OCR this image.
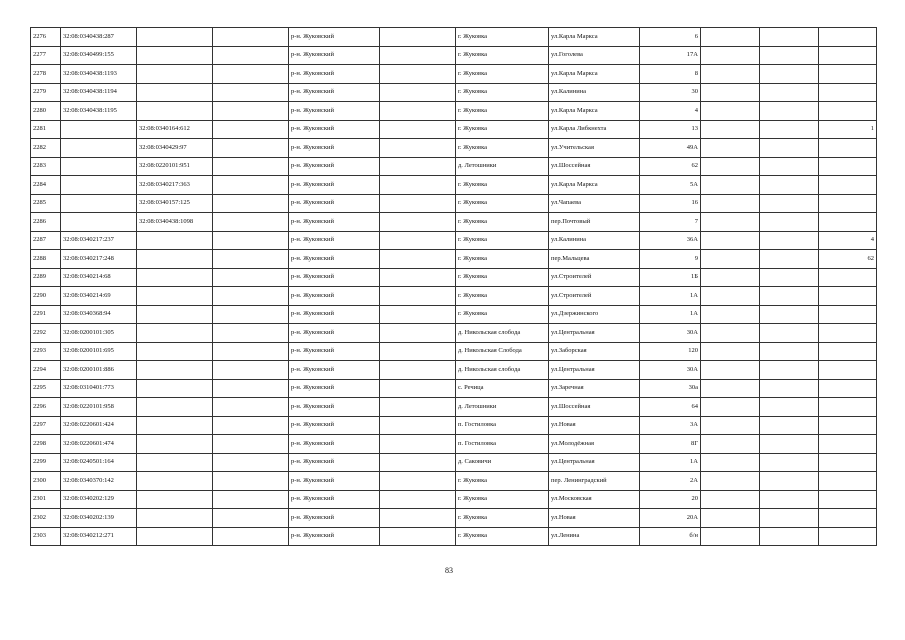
2276	32:08:0340438:287			р-н. Жуковский		г. Жуковка	ул.Карла Маркса	6			
2277	32:08:0340499:155			р-н. Жуковский		г. Жуковка	ул.Гоголева	17А			
2278	32:08:0340438:1193			р-н. Жуковский		г. Жуковка	ул.Карла Маркса	8			
2279	32:08:0340438:1194			р-н. Жуковский		г. Жуковка	ул.Калинина	30			
2280	32:08:0340438:1195			р-н. Жуковский		г. Жуковка	ул.Карла Маркса	4			
2281		32:08:0340164:612		р-н. Жуковский		г. Жуковка	ул.Карла Либкнехта	13			1
2282		32:08:0340429:97		р-н. Жуковский		г. Жуковка	ул.Учительская	49А			
2283		32:08:0220101:951		р-н. Жуковский		д. Летошники	ул.Шоссейная	62			
2284		32:08:0340217:363		р-н. Жуковский		г. Жуковка	ул.Карла Маркса	5А			
2285		32:08:0340157:125		р-н. Жуковский		г. Жуковка	ул.Чапаева	16			
2286		32:08:0340438:1098		р-н. Жуковский		г. Жуковка	пер.Почтовый	7			
2287	32:08:0340217:237			р-н. Жуковский		г. Жуковка	ул.Калинина	36А			4
2288	32:08:0340217:248			р-н. Жуковский		г. Жуковка	пер.Мальцева	9			62
2289	32:08:0340214:68			р-н. Жуковский		г. Жуковка	ул.Строителей	1Б			
2290	32:08:0340214:69			р-н. Жуковский		г. Жуковка	ул.Строителей	1А			
2291	32:08:0340368:94			р-н. Жуковский		г. Жуковка	ул.Дзержинского	1А			
2292	32:08:0200101:305			р-н. Жуковский		д. Никольская слобода	ул.Центральная	30А			
2293	32:08:0200101:695			р-н. Жуковский		д. Никольская Слобода	ул.Заборская	120			
2294	32:08:0200101:886			р-н. Жуковский		д. Никольская слобода	ул.Центральная	30А			
2295	32:08:0310401:773			р-н. Жуковский		с. Речица	ул.Заречная	30а			
2296	32:08:0220101:958			р-н. Жуковский		д. Летошники	ул.Шоссейная	64			
2297	32:08:0220601:424			р-н. Жуковский		п. Гостиловка	ул.Новая	3А			
2298	32:08:0220601:474			р-н. Жуковский		п. Гостиловка	ул.Молодёжная	8Г			
2299	32:08:0240501:164			р-н. Жуковский		д. Саковичи	ул.Центральная	1А			
2300	32:08:0340370:142			р-н. Жуковский		г. Жуковка	пер. Ленинградский	2А			
2301	32:08:0340202:129			р-н. Жуковский		г. Жуковка	ул.Московская	20			
2302	32:08:0340202:139			р-н. Жуковский		г. Жуковка	ул.Новая	20А			
2303	32:08:0340212:271			р-н. Жуковский		г. Жуковка	ул.Ленина	б/н			
83
